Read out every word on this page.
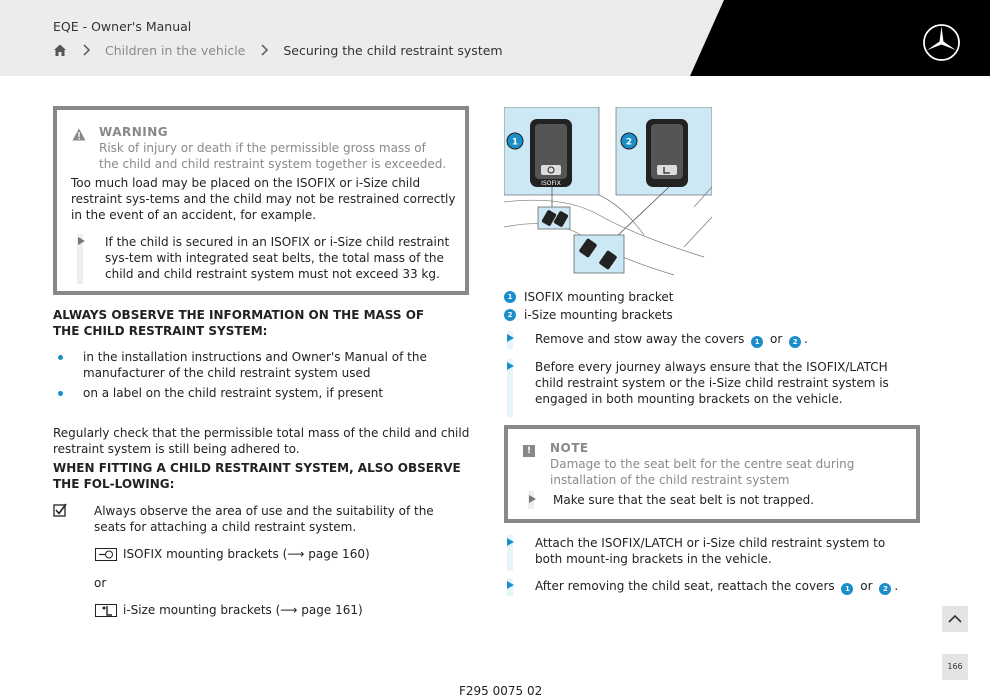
EQE - Owner's Manual
Children in the vehicle	Securing the child restraint system
WARNING
Risk of injury or death if the permissible gross mass of the child and child restraint system together is exceeded.
Too much load may be placed on the ISOFIX or i-Size child restraint sys-tems and the child may not be restrained correctly in the event of an accident, for example.
If the child is secured in an ISOFIX or i-Size child restraint sys-tem with integrated seat belts, the total mass of the child and child restraint system must not exceed 33 kg.
ALWAYS OBSERVE THE INFORMATION ON THE MASS OF THE CHILD RESTRAINT SYSTEM:
in the installation instructions and Owner's Manual of the manufacturer of the child restraint system used
on a label on the child restraint system, if present
Regularly check that the permissible total mass of the child and child restraint system is still being adhered to.
WHEN FITTING A CHILD RESTRAINT SYSTEM, ALSO OBSERVE THE FOL-LOWING:
Always observe the area of use and the suitability of the seats for attaching a child restraint system.
ISOFIX mounting brackets (⟶ page 160)
or
i-Size mounting brackets (⟶ page 161)
ISOFIX
1	2
1 ISOFIX mounting bracket
2 i-Size mounting brackets
Remove and stow away the covers 1 or 2 .
Before every journey always ensure that the ISOFIX/LATCH child restraint system or the i-Size child restraint system is engaged in both mounting brackets on the vehicle.
!	NOTE
Damage to the seat belt for the centre seat during installation of the child restraint system
Make sure that the seat belt is not trapped.
Attach the ISOFIX/LATCH or i-Size child restraint system to both mount-ing brackets in the vehicle.
After removing the child seat, reattach the covers 1 or 2 .
F295 0075 02
166
